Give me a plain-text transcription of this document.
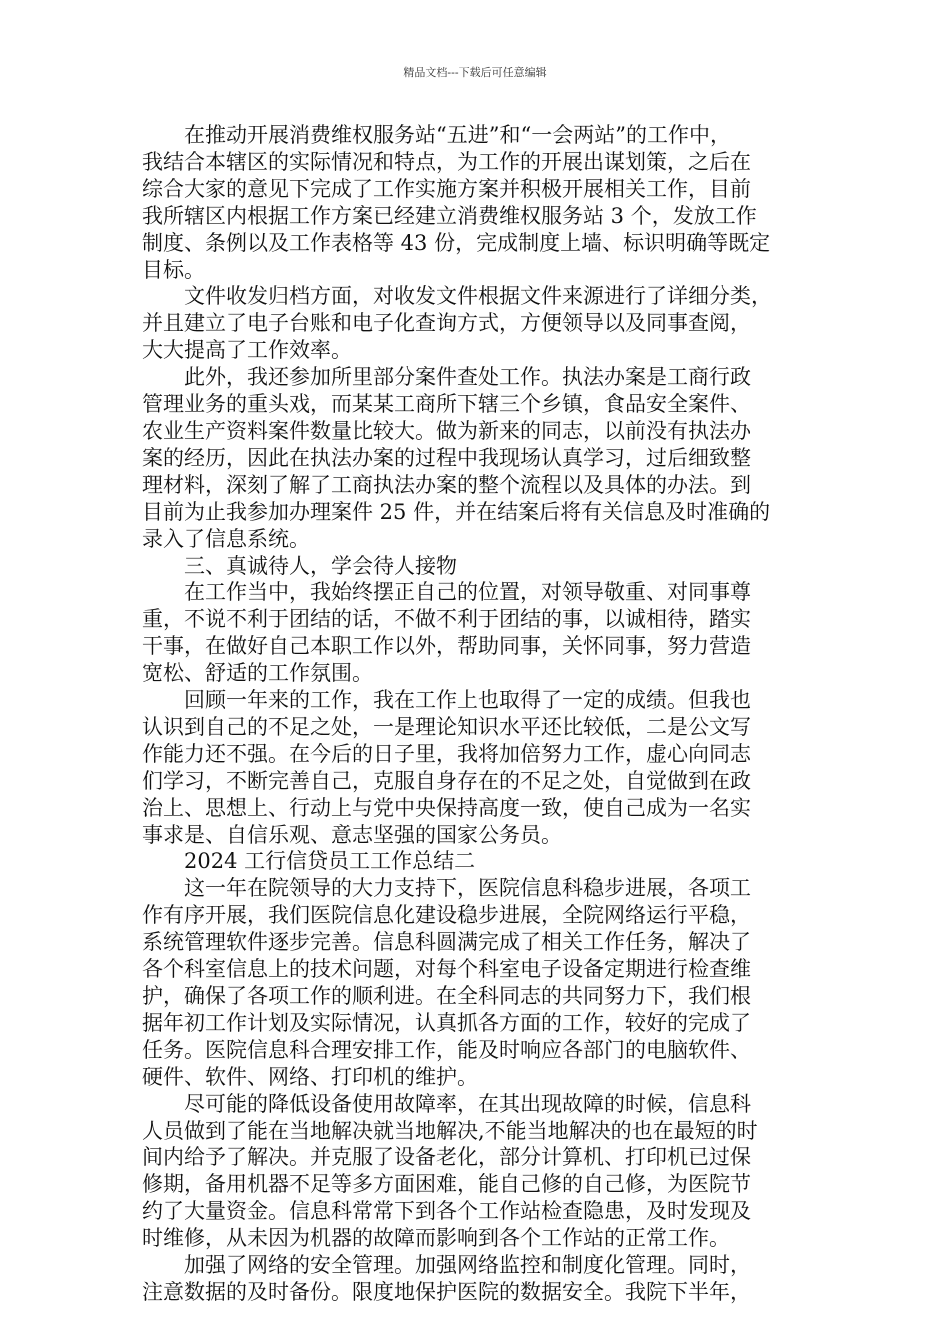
精品文档---下载后可任意编辑

在推动开展消费维权服务站“五进”和“一会两站”的工作中，
我结合本辖区的实际情况和特点，为工作的开展出谋划策，之后在
综合大家的意见下完成了工作实施方案并积极开展相关工作，目前
我所辖区内根据工作方案已经建立消费维权服务站 3 个，发放工作
制度、条例以及工作表格等 43 份，完成制度上墙、标识明确等既定
目标。

文件收发归档方面，对收发文件根据文件来源进行了详细分类，
并且建立了电子台账和电子化查询方式，方便领导以及同事查阅，
大大提高了工作效率。

此外，我还参加所里部分案件查处工作。执法办案是工商行政
管理业务的重头戏，而某某工商所下辖三个乡镇，食品安全案件、
农业生产资料案件数量比较大。做为新来的同志，以前没有执法办
案的经历，因此在执法办案的过程中我现场认真学习，过后细致整
理材料，深刻了解了工商执法办案的整个流程以及具体的办法。到
目前为止我参加办理案件 25 件，并在结案后将有关信息及时准确的
录入了信息系统。

三、真诚待人，学会待人接物

在工作当中，我始终摆正自己的位置，对领导敬重、对同事尊
重，不说不利于团结的话，不做不利于团结的事，以诚相待，踏实
干事，在做好自己本职工作以外，帮助同事，关怀同事，努力营造
宽松、舒适的工作氛围。

回顾一年来的工作，我在工作上也取得了一定的成绩。但我也
认识到自己的不足之处，一是理论知识水平还比较低，二是公文写
作能力还不强。在今后的日子里，我将加倍努力工作，虚心向同志
们学习，不断完善自己，克服自身存在的不足之处，自觉做到在政
治上、思想上、行动上与党中央保持高度一致，使自己成为一名实
事求是、自信乐观、意志坚强的国家公务员。

2024 工行信贷员工工作总结二

这一年在院领导的大力支持下，医院信息科稳步进展，各项工
作有序开展，我们医院信息化建设稳步进展，全院网络运行平稳，
系统管理软件逐步完善。信息科圆满完成了相关工作任务，解决了
各个科室信息上的技术问题，对每个科室电子设备定期进行检查维
护，确保了各项工作的顺利进。在全科同志的共同努力下，我们根
据年初工作计划及实际情况，认真抓各方面的工作，较好的完成了
任务。医院信息科合理安排工作，能及时响应各部门的电脑软件、
硬件、软件、网络、打印机的维护。

尽可能的降低设备使用故障率，在其出现故障的时候，信息科
人员做到了能在当地解决就当地解决,不能当地解决的也在最短的时
间内给予了解决。并克服了设备老化，部分计算机、打印机已过保
修期，备用机器不足等多方面困难，能自己修的自己修，为医院节
约了大量资金。信息科常常下到各个工作站检查隐患，及时发现及
时维修，从未因为机器的故障而影响到各个工作站的正常工作。

加强了网络的安全管理。加强网络监控和制度化管理。同时，
注意数据的及时备份。限度地保护医院的数据安全。我院下半年，
